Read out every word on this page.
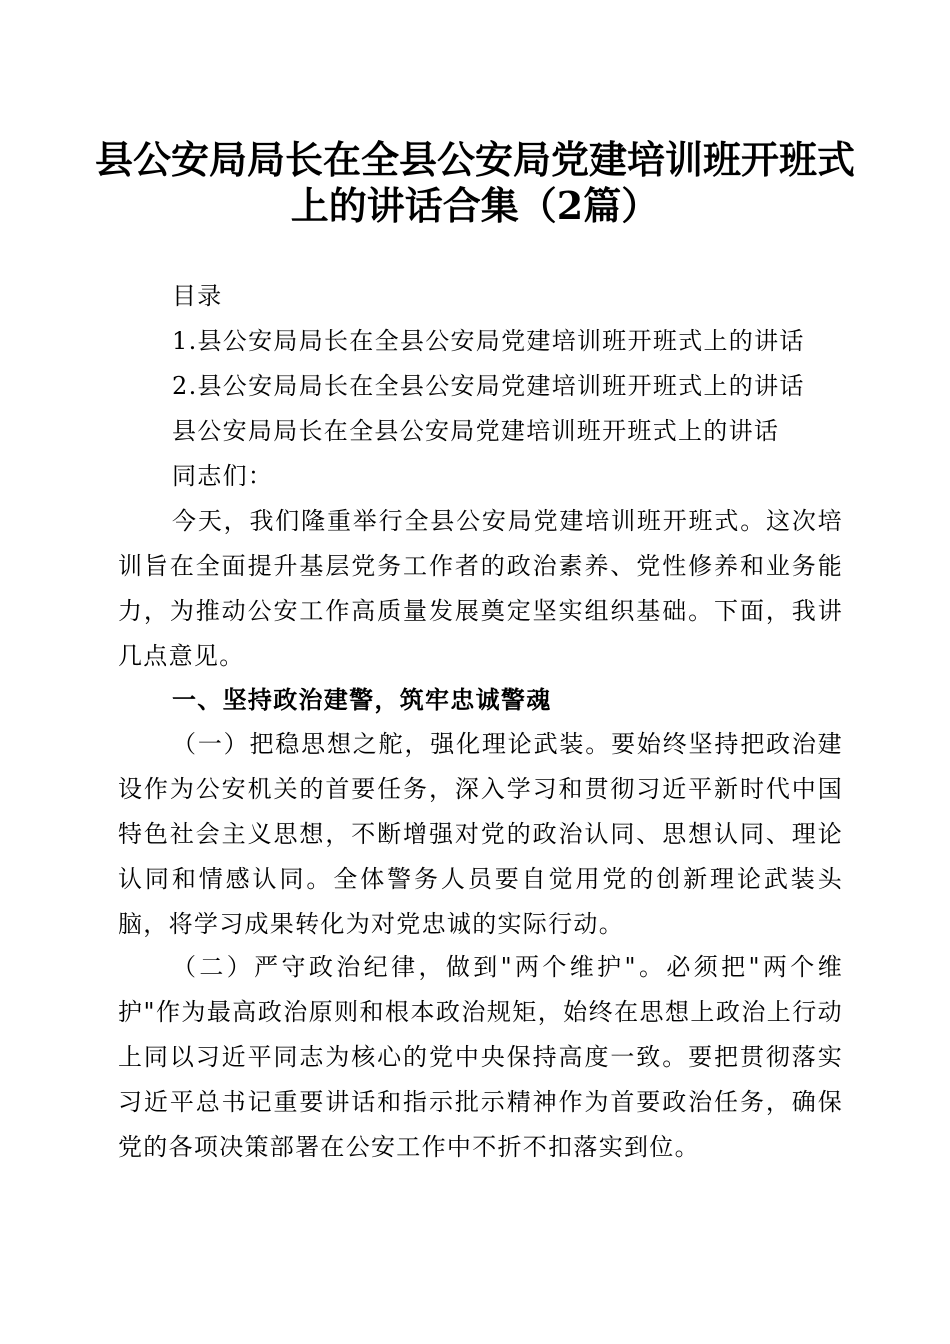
县公安局局长在全县公安局党建培训班开班式
上的讲话合集（2篇）
目录
1.县公安局局长在全县公安局党建培训班开班式上的讲话
2.县公安局局长在全县公安局党建培训班开班式上的讲话
县公安局局长在全县公安局党建培训班开班式上的讲话
同志们：
今天，我们隆重举行全县公安局党建培训班开班式。这次培训旨在全面提升基层党务工作者的政治素养、党性修养和业务能力，为推动公安工作高质量发展奠定坚实组织基础。下面，我讲几点意见。
一、坚持政治建警，筑牢忠诚警魂
（一）把稳思想之舵，强化理论武装。要始终坚持把政治建设作为公安机关的首要任务，深入学习和贯彻习近平新时代中国特色社会主义思想，不断增强对党的政治认同、思想认同、理论认同和情感认同。全体警务人员要自觉用党的创新理论武装头脑，将学习成果转化为对党忠诚的实际行动。
（二）严守政治纪律，做到"两个维护"。必须把"两个维护"作为最高政治原则和根本政治规矩，始终在思想上政治上行动上同以习近平同志为核心的党中央保持高度一致。要把贯彻落实习近平总书记重要讲话和指示批示精神作为首要政治任务，确保党的各项决策部署在公安工作中不折不扣落实到位。
